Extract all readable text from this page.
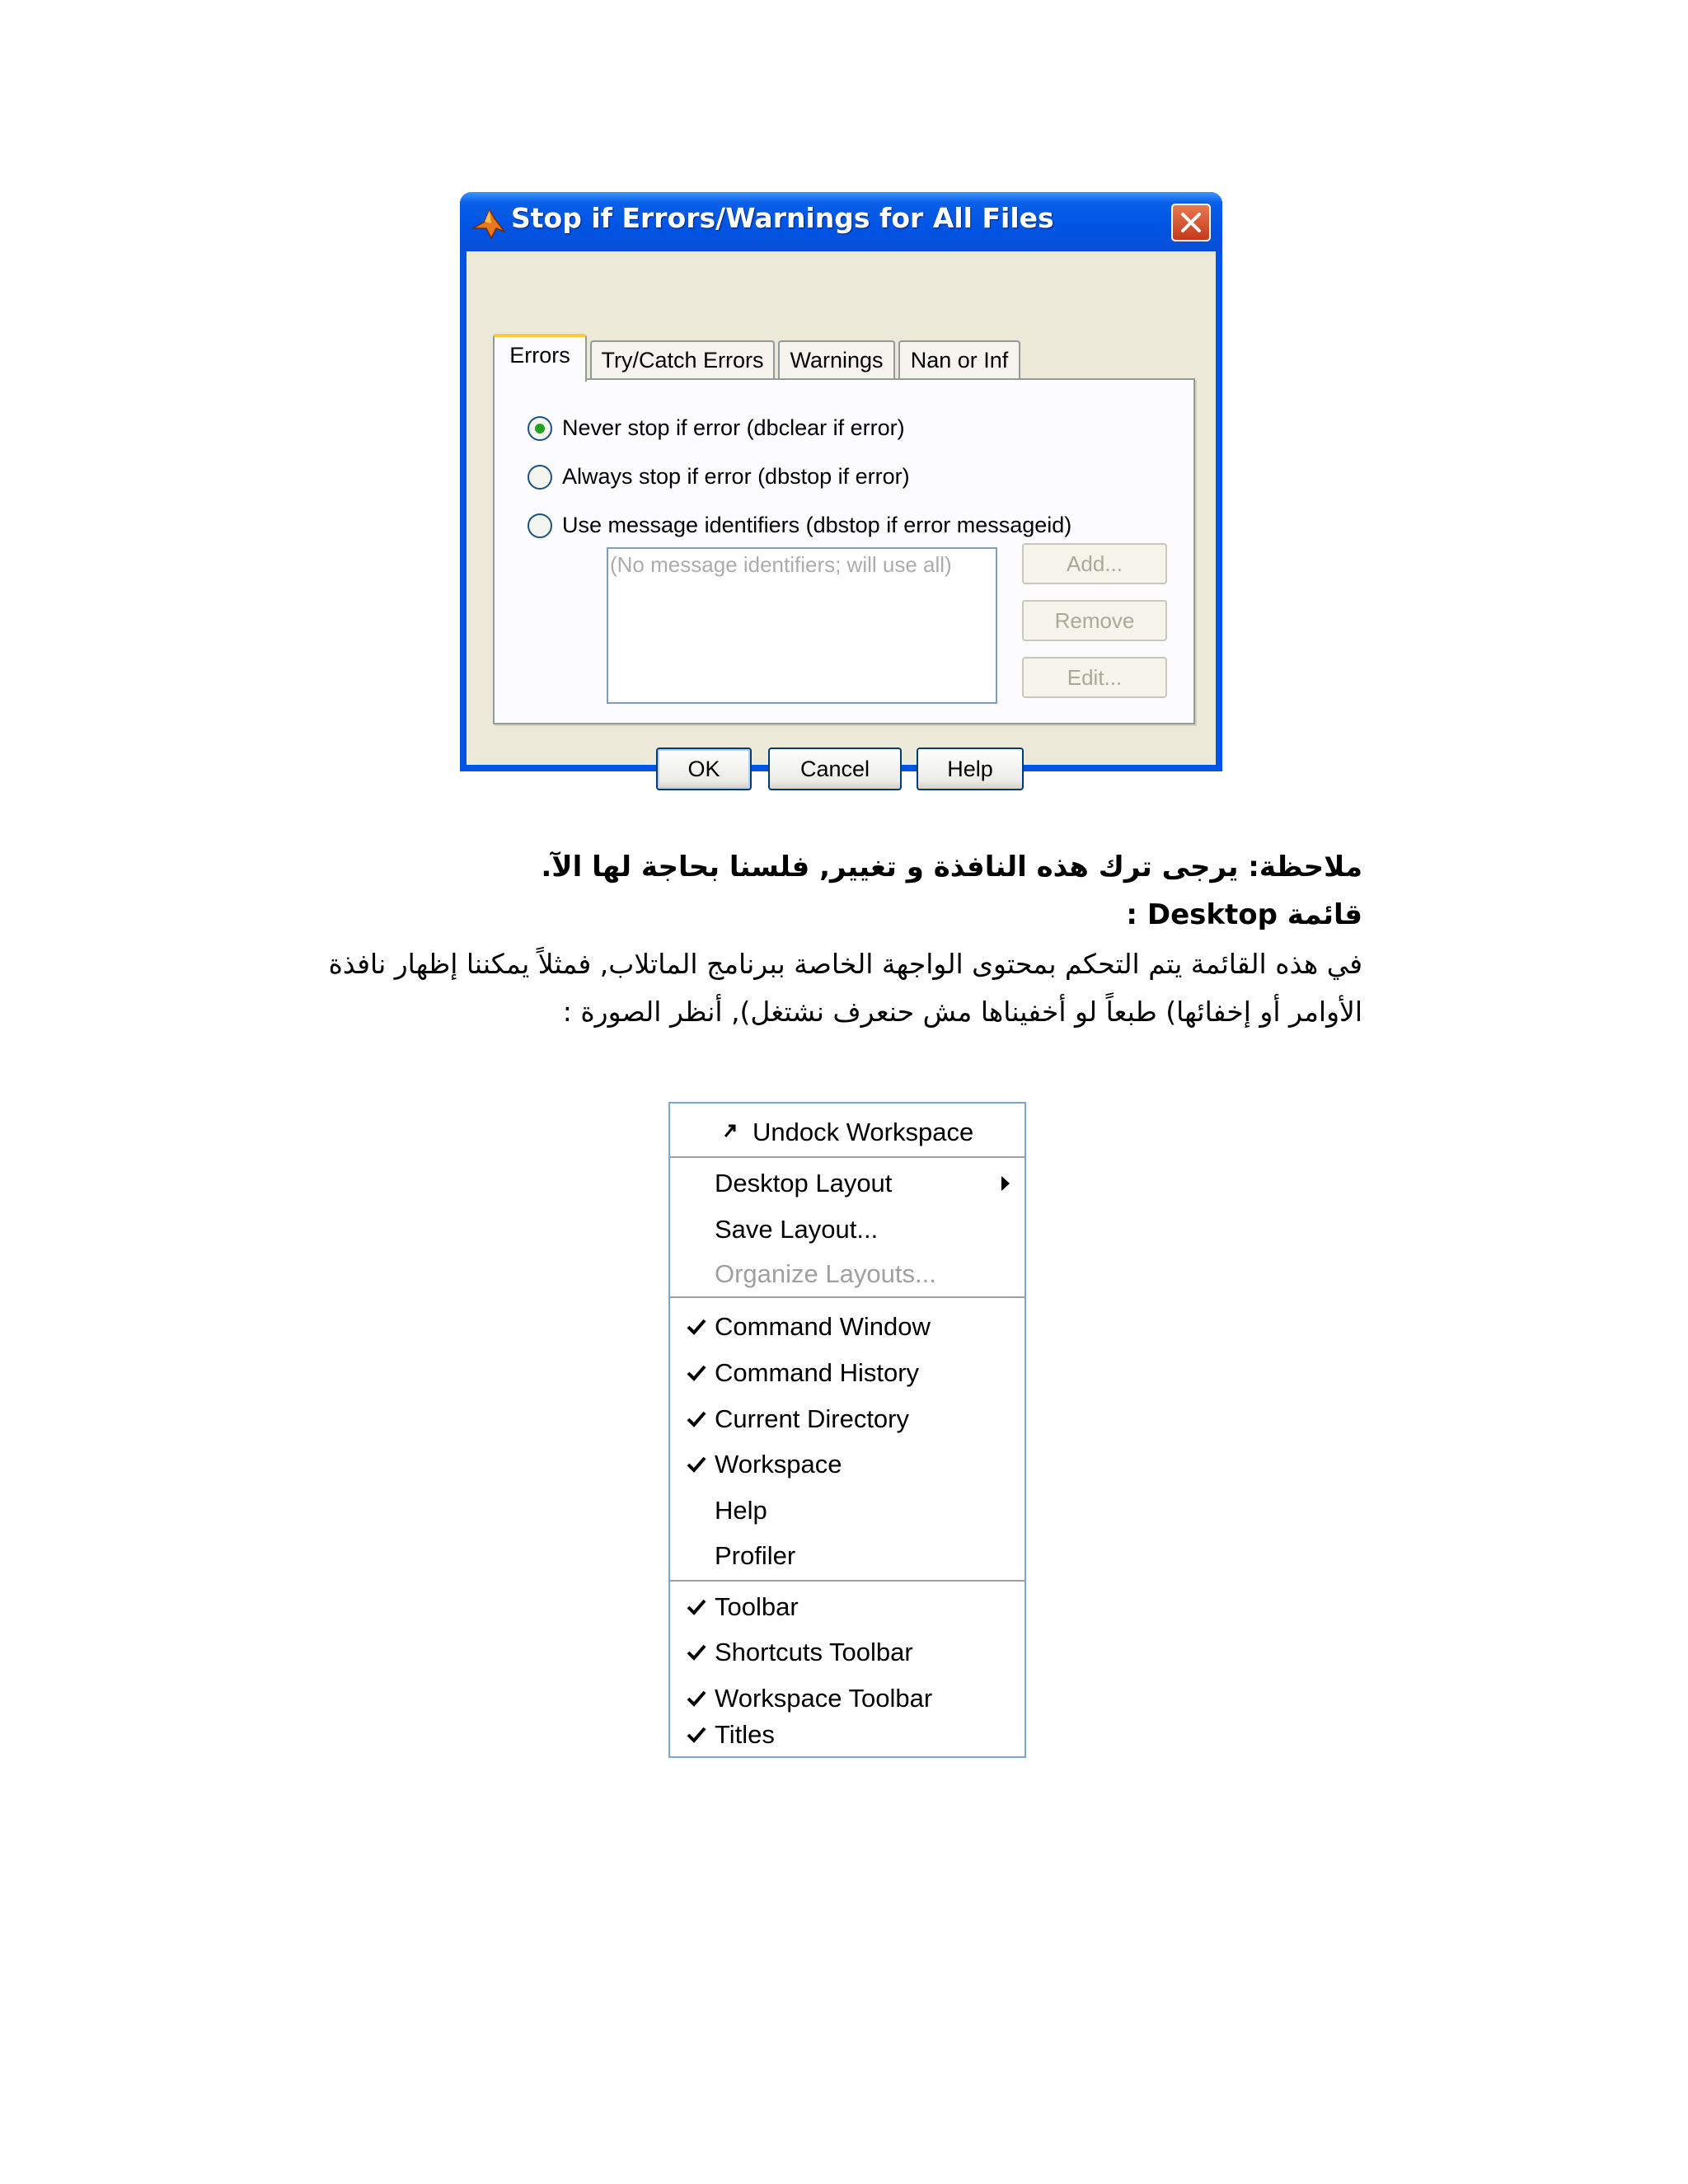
Stop if Errors/Warnings for All Files
Errors	Try/Catch Errors	Warnings	Nan or Inf
Never stop if error (dbclear if error)
Always stop if error (dbstop if error)
Use message identifiers (dbstop if error messageid)
(No message identifiers; will use all)	Add...
Remove
Edit...
OK	Cancel	Help
ملاحظة: يرجى ترك هذه النافذة و تغيير, فلسنا بحاجة لها الآ.
قائمة Desktop :
في هذه القائمة يتم التحكم بمحتوى الواجهة الخاصة ببرنامج الماتلاب, فمثلاً يمكننا إظهار نافذة
الأوامر أو إخفائها) طبعاً لو أخفيناها مش حنعرف نشتغل), أنظر الصورة :
Undock Workspace
Desktop Layout
Save Layout...
Organize Layouts...
Command Window
Command History
Current Directory
Workspace
Help
Profiler
Toolbar
Shortcuts Toolbar
Workspace Toolbar
Titles
